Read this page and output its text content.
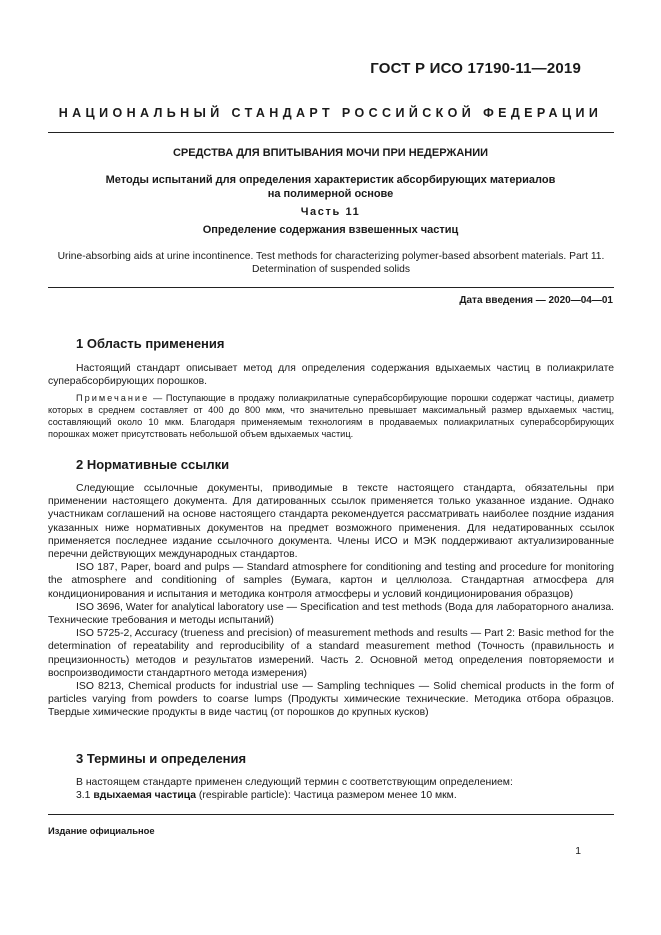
ГОСТ Р ИСО 17190-11—2019
НАЦИОНАЛЬНЫЙ СТАНДАРТ РОССИЙСКОЙ ФЕДЕРАЦИИ
СРЕДСТВА ДЛЯ ВПИТЫВАНИЯ МОЧИ ПРИ НЕДЕРЖАНИИ
Методы испытаний для определения характеристик абсорбирующих материалов
на полимерной основе
Часть 11
Определение содержания взвешенных частиц
Urine-absorbing aids at urine incontinence. Test methods for characterizing polymer-based absorbent materials. Part 11. Determination of suspended solids
Дата введения — 2020—04—01
1 Область применения

Настоящий стандарт описывает метод для определения содержания вдыхаемых частиц в полиакрилате суперабсорбирующих порошков.

Примечание — Поступающие в продажу полиакрилатные суперабсорбирующие порошки содержат частицы, диаметр которых в среднем составляет от 400 до 800 мкм, что значительно превышает максимальный размер вдыхаемых частиц, составляющий около 10 мкм. Благодаря применяемым технологиям в продаваемых полиакрилатных суперабсорбирующих порошках может присутствовать небольшой объем вдыхаемых частиц.

2 Нормативные ссылки

Следующие ссылочные документы, приводимые в тексте настоящего стандарта, обязательны при применении настоящего документа. Для датированных ссылок применяется только указанное издание. Однако участникам соглашений на основе настоящего стандарта рекомендуется рассматривать наиболее поздние издания указанных ниже нормативных документов на предмет возможного применения. Для недатированных ссылок применяется последнее издание ссылочного документа. Члены ИСО и МЭК поддерживают актуализированные перечни действующих международных стандартов.

ISO 187, Paper, board and pulps — Standard atmosphere for conditioning and testing and procedure for monitoring the atmosphere and conditioning of samples (Бумага, картон и целлюлоза. Стандартная атмосфера для кондиционирования и испытания и методика контроля атмосферы и условий кондиционирования образцов)

ISO 3696, Water for analytical laboratory use — Specification and test methods (Вода для лабораторного анализа. Технические требования и методы испытаний)

ISO 5725-2, Accuracy (trueness and precision) of measurement methods and results — Part 2: Basic method for the determination of repeatability and reproducibility of a standard measurement method (Точность (правильность и прецизионность) методов и результатов измерений. Часть 2. Основной метод определения повторяемости и воспроизводимости стандартного метода измерения)

ISO 8213, Chemical products for industrial use — Sampling techniques — Solid chemical products in the form of particles varying from powders to coarse lumps (Продукты химические технические. Методика отбора образцов. Твердые химические продукты в виде частиц (от порошков до крупных кусков)

3 Термины и определения

В настоящем стандарте применен следующий термин с соответствующим определением:

3.1 вдыхаемая частица (respirable particle): Частица размером менее 10 мкм.

Издание официальное
1
